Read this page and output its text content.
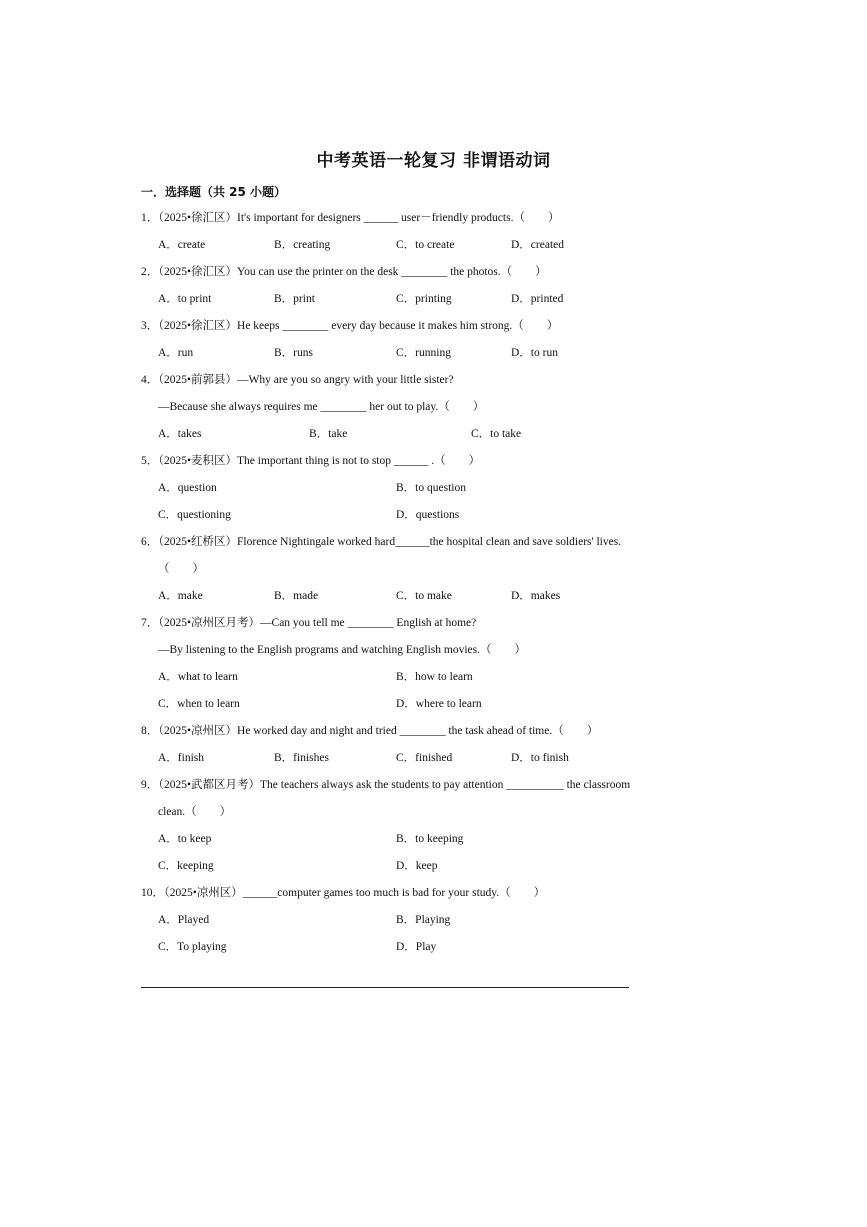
中考英语一轮复习 非谓语动词
一．选择题（共 25 小题）
1．（2025•徐汇区）It's important for designers ______ user－friendly products.（　　）
A．create	B．creating	C．to create	D．created
2．（2025•徐汇区）You can use the printer on the desk ________ the photos.（　　）
A．to print	B．print	C．printing	D．printed
3．（2025•徐汇区）He keeps ________ every day because it makes him strong.（　　）
A．run	B．runs	C．running	D．to run
4．（2025•前郭县）—Why are you so angry with your little sister?
—Because she always requires me ________ her out to play.（　　）
A．takes	B．take	C．to take
5．（2025•麦积区）The important thing is not to stop ______ .（　　）
A．question	B．to question
C．questioning	D．questions
6．（2025•红桥区）Florence Nightingale worked hard______the hospital clean and save soldiers' lives.
（　　）
A．make	B．made	C．to make	D．makes
7．（2025•凉州区月考）—Can you tell me ________ English at home?
—By listening to the English programs and watching English movies.（　　）
A．what to learn	B．how to learn
C．when to learn	D．where to learn
8．（2025•凉州区）He worked day and night and tried ________ the task ahead of time.（　　）
A．finish	B．finishes	C．finished	D．to finish
9．（2025•武都区月考）The teachers always ask the students to pay attention __________ the classroom
clean.（　　）
A．to keep	B．to keeping
C．keeping	D．keep
10．（2025•凉州区）______computer games too much is bad for your study.（　　）
A．Played	B．Playing
C．To playing	D．Play
